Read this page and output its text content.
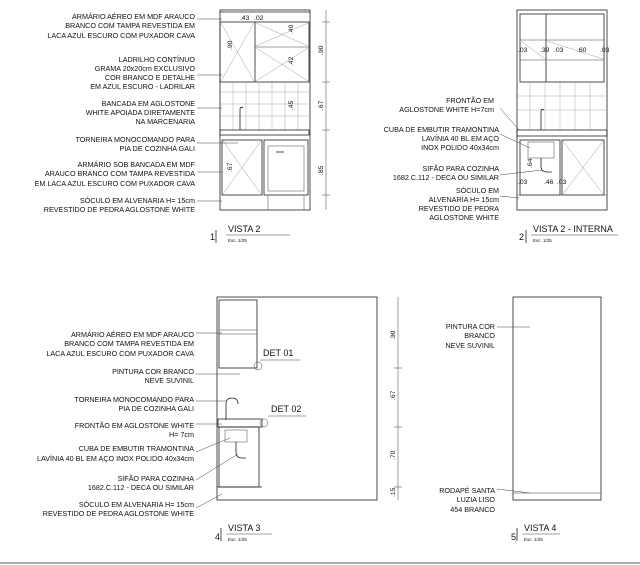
.43 .02
.90
.40
.42
.45
.90
.67
.67	.85
ARMÁRIO AÉREO EM MDF ARAUCO
BRANCO COM TAMPA REVESTIDA EM
LACA AZUL ESCURO COM PUXADOR CAVA
LADRILHO CONTÍNUO
GRAMA 20x20cm EXCLUSIVO
COR BRANCO E DETALHE
EM AZUL ESCURO - LADRILAR
BANCADA EM AGLOSTONE
WHITE APOIADA DIRETAMENTE
NA MARCENARIA
TORNEIRA MONOCOMANDO PARA
PIA DE COZINHA GALI
ARMÁRIO SOB BANCADA EM MDF
ARAUCO BRANCO COM TAMPA REVESTIDA
EM LACA AZUL ESCURO COM PUXADOR CAVA
SÓCULO EM ALVENARIA H= 15cm
REVESTIDO DE PEDRA AGLOSTONE WHITE
1
VISTA 2
Esc. 1/25
.03 .39 .03 .60 .03
.64
.03 .46 .03
FRONTÃO EM
AGLOSTONE WHITE H=7cm
CUBA DE EMBUTIR TRAMONTINA
LAVÍNIA 40 BL EM AÇO
INOX POLIDO 40x34cm
SIFÃO PARA COZINHA
1682.C.112 - DECA OU SIMILAR
SÓCULO EM
ALVENARIA H= 15cm
REVESTIDO DE PEDRA
AGLOSTONE WHITE
2
VISTA 2 - INTERNA
Esc. 1/25
.90
.67
.70
.15
DET 01
DET 02
ARMÁRIO AÉREO EM MDF ARAUCO
BRANCO COM TAMPA REVESTIDA EM
LACA AZUL ESCURO COM PUXADOR CAVA
PINTURA COR BRANCO
NEVE SUVINIL
TORNEIRA MONOCOMANDO PARA
PIA DE COZINHA GALI
FRONTÃO EM AGLOSTONE WHITE
H= 7cm
CUBA DE EMBUTIR TRAMONTINA
LAVÍNIA 40 BL EM AÇO INOX POLIDO 40x34cm
SIFÃO PARA COZINHA
1682.C.112 - DECA OU SIMILAR
SÓCULO EM ALVENARIA H= 15cm
REVESTIDO DE PEDRA AGLOSTONE WHITE
4
VISTA 3
Esc. 1/25
PINTURA COR
BRANCO
NEVE SUVINIL
RODAPÉ SANTA
LUZIA LISO
454 BRANCO
5
VISTA 4
Esc. 1/25
